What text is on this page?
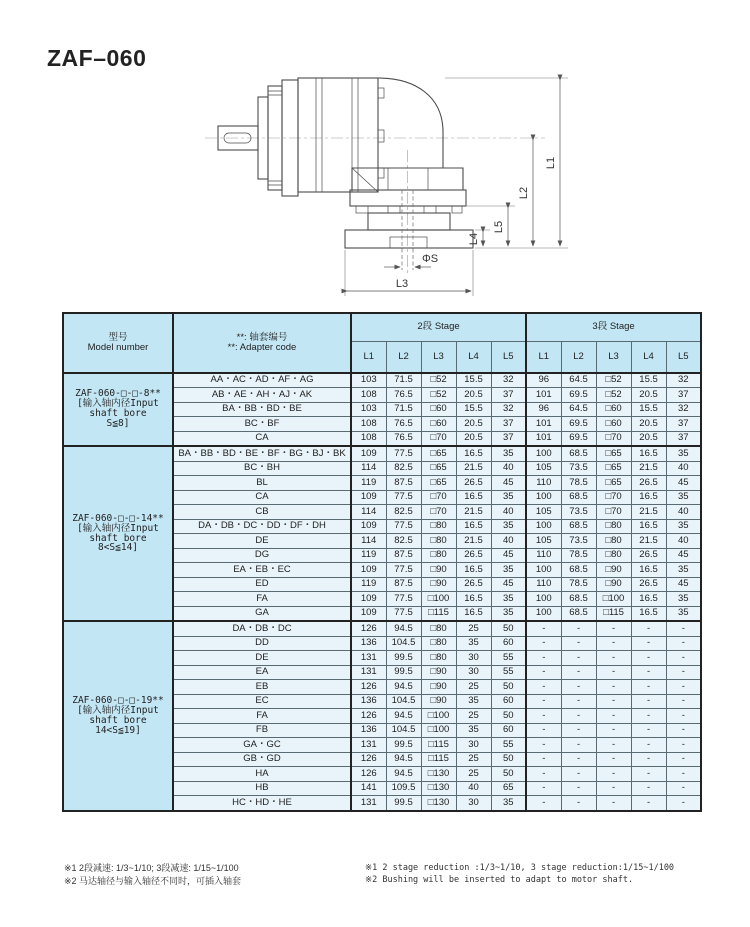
ZAF–060
L4
L5
L2
L1
ΦS
L3
型号
Model number

**: 轴套编号
**: Adapter code
	2段 Stage	3段 Stage
		L1	L2	L3	L4	L5	L1	L2	L3	L4	L5

ZAF-060-□-□-8**
[输入轴内径Input
shaft bore
S≦8]	AA・AC・AD・AF・AG	103	71.5	□52	15.5	32	96	64.5	□52	15.5	32
	AB・AE・AH・AJ・AK	108	76.5	□52	20.5	37	101	69.5	□52	20.5	37
	BA・BB・BD・BE	103	71.5	□60	15.5	32	96	64.5	□60	15.5	32
	BC・BF	108	76.5	□60	20.5	37	101	69.5	□60	20.5	37
	CA	108	76.5	□70	20.5	37	101	69.5	□70	20.5	37

ZAF-060-□-□-14**
[输入轴内径Input
shaft bore
8<S≦14]	BA・BB・BD・BE・BF・BG・BJ・BK	109	77.5	□65	16.5	35	100	68.5	□65	16.5	35
	BC・BH	114	82.5	□65	21.5	40	105	73.5	□65	21.5	40
	BL	119	87.5	□65	26.5	45	110	78.5	□65	26.5	45
	CA	109	77.5	□70	16.5	35	100	68.5	□70	16.5	35
	CB	114	82.5	□70	21.5	40	105	73.5	□70	21.5	40
	DA・DB・DC・DD・DF・DH	109	77.5	□80	16.5	35	100	68.5	□80	16.5	35
	DE	114	82.5	□80	21.5	40	105	73.5	□80	21.5	40
	DG	119	87.5	□80	26.5	45	110	78.5	□80	26.5	45
	EA・EB・EC	109	77.5	□90	16.5	35	100	68.5	□90	16.5	35
	ED	119	87.5	□90	26.5	45	110	78.5	□90	26.5	45
	FA	109	77.5	□100	16.5	35	100	68.5	□100	16.5	35
	GA	109	77.5	□115	16.5	35	100	68.5	□115	16.5	35

ZAF-060-□-□-19**
[输入轴内径Input
shaft bore
14<S≦19]	DA・DB・DC	126	94.5	□80	25	50	-	-	-	-	-
	DD	136	104.5	□80	35	60	-	-	-	-	-
	DE	131	99.5	□80	30	55	-	-	-	-	-
	EA	131	99.5	□90	30	55	-	-	-	-	-
	EB	126	94.5	□90	25	50	-	-	-	-	-
	EC	136	104.5	□90	35	60	-	-	-	-	-
	FA	126	94.5	□100	25	50	-	-	-	-	-
	FB	136	104.5	□100	35	60	-	-	-	-	-
	GA・GC	131	99.5	□115	30	55	-	-	-	-	-
	GB・GD	126	94.5	□115	25	50	-	-	-	-	-
	HA	126	94.5	□130	25	50	-	-	-	-	-
	HB	141	109.5	□130	40	65	-	-	-	-	-
	HC・HD・HE	131	99.5	□130	30	35	-	-	-	-	-
※1 2段减速: 1/3~1/10; 3段减速: 1/15~1/100
※2 马达轴径与输入轴径不同时，可插入轴套
※1 2 stage reduction :1/3~1/10, 3 stage reduction:1/15~1/100
※2 Bushing will be inserted to adapt to motor shaft.
